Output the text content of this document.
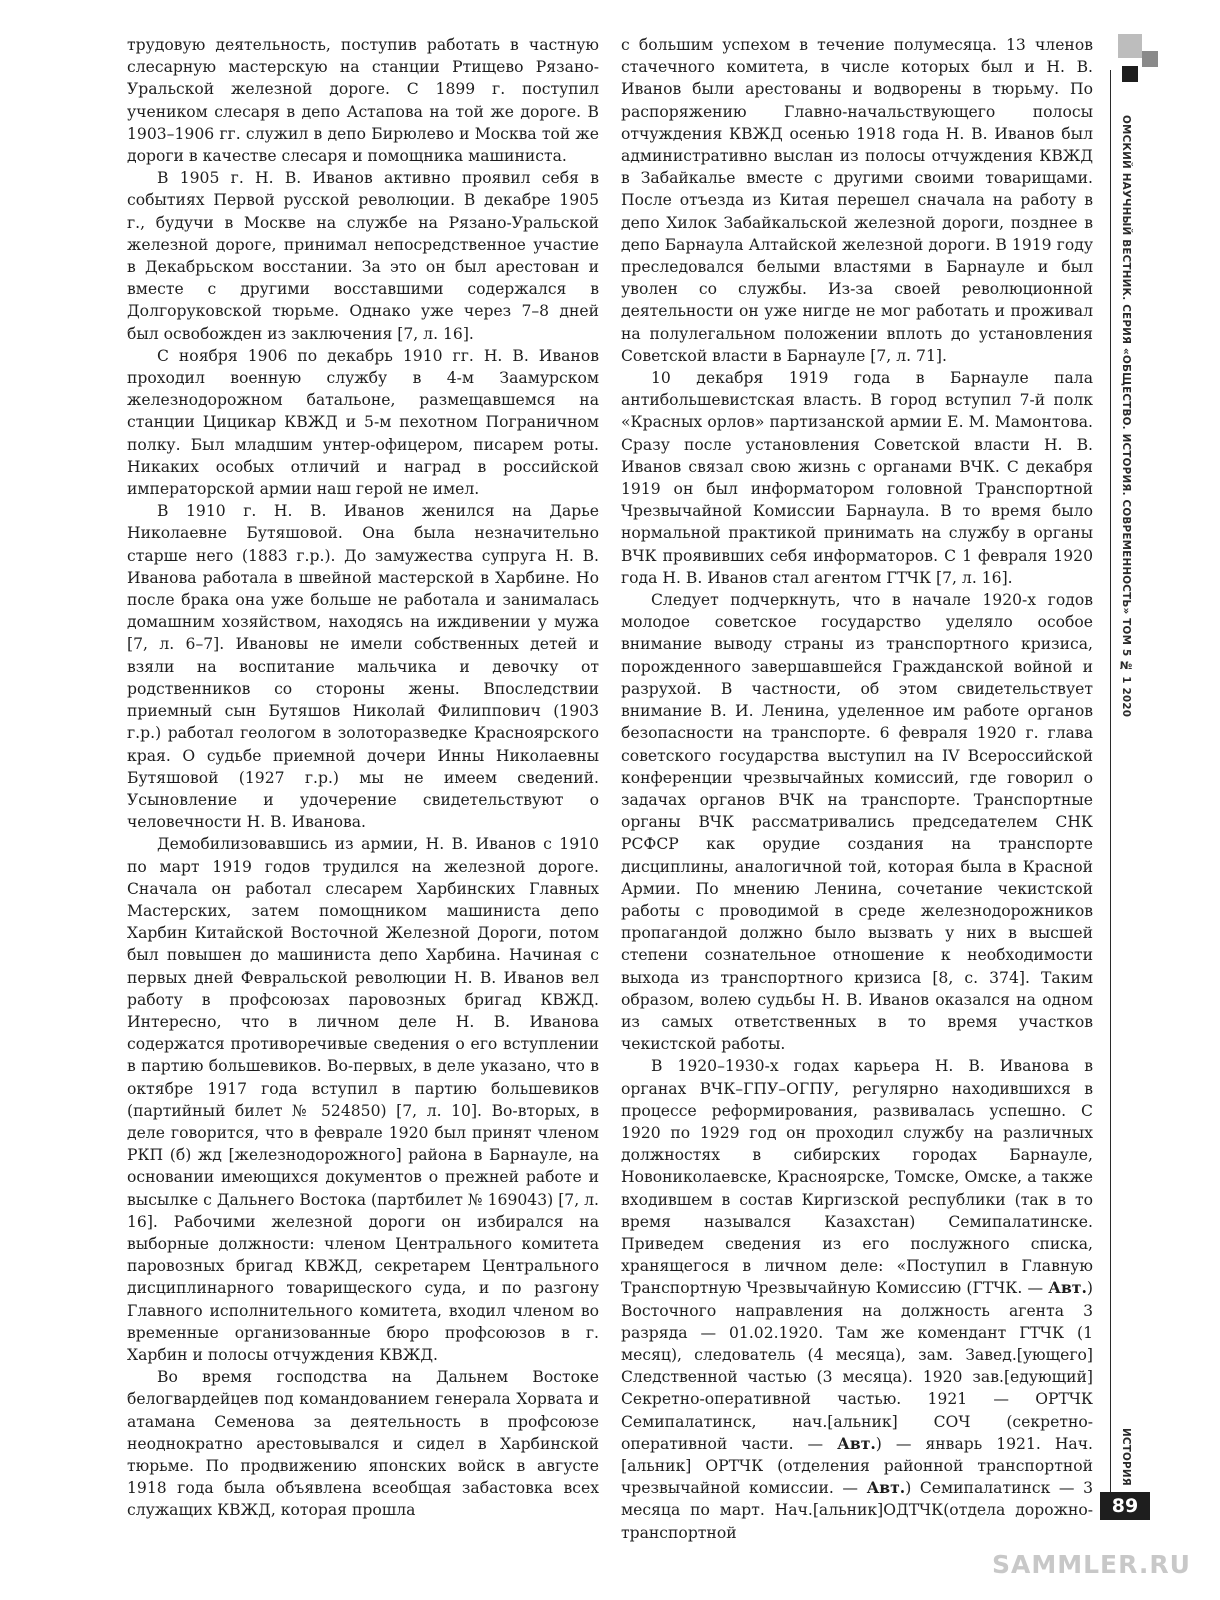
ОМСКИЙ НАУЧНЫЙ ВЕСТНИК. СЕРИЯ «ОБЩЕСТВО. ИСТОРИЯ. СОВРЕМЕННОСТЬ» ТОМ 5 № 1 2020
ИСТОРИЯ
89
SAMMLER.RU

трудовую деятельность, поступив работать в частную слесарную мастерскую на станции Ртищево Рязано-Уральской железной дороге. С 1899 г. поступил учеником слесаря в депо Астапова на той же дороге. В 1903–1906 гг. служил в депо Бирюлево и Москва той же дороги в качестве слесаря и помощника машиниста.

В 1905 г. Н. В. Иванов активно проявил себя в событиях Первой русской революции. В декабре 1905 г., будучи в Москве на службе на Рязано-Уральской железной дороге, принимал непосредственное участие в Декабрьском восстании. За это он был арестован и вместе с другими восставшими содержался в Долгоруковской тюрьме. Однако уже через 7–8 дней был освобожден из заключения [7, л. 16].

С ноября 1906 по декабрь 1910 гг. Н. В. Иванов проходил военную службу в 4-м Заамурском железнодорожном батальоне, размещавшемся на станции Цицикар КВЖД и 5-м пехотном Пограничном полку. Был младшим унтер-офицером, писарем роты. Никаких особых отличий и наград в российской императорской армии наш герой не имел.

В 1910 г. Н. В. Иванов женился на Дарье Николаевне Бутяшовой. Она была незначительно старше него (1883 г.р.). До замужества супруга Н. В. Иванова работала в швейной мастерской в Харбине. Но после брака она уже больше не работала и занималась домашним хозяйством, находясь на иждивении у мужа [7, л. 6–7]. Ивановы не имели собственных детей и взяли на воспитание мальчика и девочку от родственников со стороны жены. Впоследствии приемный сын Бутяшов Николай Филиппович (1903 г.р.) работал геологом в золоторазведке Красноярского края. О судьбе приемной дочери Инны Николаевны Бутяшовой (1927 г.р.) мы не имеем сведений. Усыновление и удочерение свидетельствуют о человечности Н. В. Иванова.

Демобилизовавшись из армии, Н. В. Иванов с 1910 по март 1919 годов трудился на железной дороге. Сначала он работал слесарем Харбинских Главных Мастерских, затем помощником машиниста депо Харбин Китайской Восточной Железной Дороги, потом был повышен до машиниста депо Харбина. Начиная с первых дней Февральской революции Н. В. Иванов вел работу в профсоюзах паровозных бригад КВЖД. Интересно, что в личном деле Н. В. Иванова содержатся противоречивые сведения о его вступлении в партию большевиков. Во-первых, в деле указано, что в октябре 1917 года вступил в партию большевиков (партийный билет № 524850) [7, л. 10]. Во-вторых, в деле говорится, что в феврале 1920 был принят членом РКП (б) жд [железнодорожного] района в Барнауле, на основании имеющихся документов о прежней работе и высылке с Дальнего Востока (партбилет № 169043) [7, л. 16]. Рабочими железной дороги он избирался на выборные должности: членом Центрального комитета паровозных бригад КВЖД, секретарем Центрального дисциплинарного товарищеского суда, и по разгону Главного исполнительного комитета, входил членом во временные организованные бюро профсоюзов в г. Харбин и полосы отчуждения КВЖД.

Во время господства на Дальнем Востоке белогвардейцев под командованием генерала Хорвата и атамана Семенова за деятельность в профсоюзе неоднократно арестовывался и сидел в Харбинской тюрьме. По продвижению японских войск в августе 1918 года была объявлена всеобщая забастовка всех служащих КВЖД, которая прошла

с большим успехом в течение полумесяца. 13 членов стачечного комитета, в числе которых был и Н. В. Иванов были арестованы и водворены в тюрьму. По распоряжению Главно-начальствующего полосы отчуждения КВЖД осенью 1918 года Н. В. Иванов был административно выслан из полосы отчуждения КВЖД в Забайкалье вместе с другими своими товарищами. После отъезда из Китая перешел сначала на работу в депо Хилок Забайкальской железной дороги, позднее в депо Барнаула Алтайской железной дороги. В 1919 году преследовался белыми властями в Барнауле и был уволен со службы. Из-за своей революционной деятельности он уже нигде не мог работать и проживал на полулегальном положении вплоть до установления Советской власти в Барнауле [7, л. 71].

10 декабря 1919 года в Барнауле пала антибольшевистская власть. В город вступил 7-й полк «Красных орлов» партизанской армии Е. М. Мамонтова. Сразу после установления Советской власти Н. В. Иванов связал свою жизнь с органами ВЧК. С декабря 1919 он был информатором головной Транспортной Чрезвычайной Комиссии Барнаула. В то время было нормальной практикой принимать на службу в органы ВЧК проявивших себя информаторов. С 1 февраля 1920 года Н. В. Иванов стал агентом ГТЧК [7, л. 16].

Следует подчеркнуть, что в начале 1920-х годов молодое советское государство уделяло особое внимание выводу страны из транспортного кризиса, порожденного завершавшейся Гражданской войной и разрухой. В частности, об этом свидетельствует внимание В. И. Ленина, уделенное им работе органов безопасности на транспорте. 6 февраля 1920 г. глава советского государства выступил на IV Всероссийской конференции чрезвычайных комиссий, где говорил о задачах органов ВЧК на транспорте. Транспортные органы ВЧК рассматривались председателем СНК РСФСР как орудие создания на транспорте дисциплины, аналогичной той, которая была в Красной Армии. По мнению Ленина, сочетание чекистской работы с проводимой в среде железнодорожников пропагандой должно было вызвать у них в высшей степени сознательное отношение к необходимости выхода из транспортного кризиса [8, с. 374]. Таким образом, волею судьбы Н. В. Иванов оказался на одном из самых ответственных в то время участков чекистской работы.

В 1920–1930-х годах карьера Н. В. Иванова в органах ВЧК–ГПУ–ОГПУ, регулярно находившихся в процессе реформирования, развивалась успешно. С 1920 по 1929 год он проходил службу на различных должностях в сибирских городах Барнауле, Новониколаевске, Красноярске, Томске, Омске, а также входившем в состав Киргизской республики (так в то время назывался Казахстан) Семипалатинске. Приведем сведения из его послужного списка, хранящегося в личном деле: «Поступил в Главную Транспортную Чрезвычайную Комиссию (ГТЧК. — Авт.) Восточного направления на должность агента 3 разряда — 01.02.1920. Там же комендант ГТЧК (1 месяц), следователь (4 месяца), зам. Завед.[ующего] Следственной частью (3 месяца). 1920 зав.[едующий] Секретно-оперативной частью. 1921 — ОРТЧК Семипалатинск, нач.[альник] СОЧ (секретно-оперативной части. — Авт.) — январь 1921. Нач.[альник] ОРТЧК (отделения районной транспортной чрезвычайной комиссии. — Авт.) Семипалатинск — 3 месяца по март. Нач.[альник]ОДТЧК(отдела дорожно-транспортной
